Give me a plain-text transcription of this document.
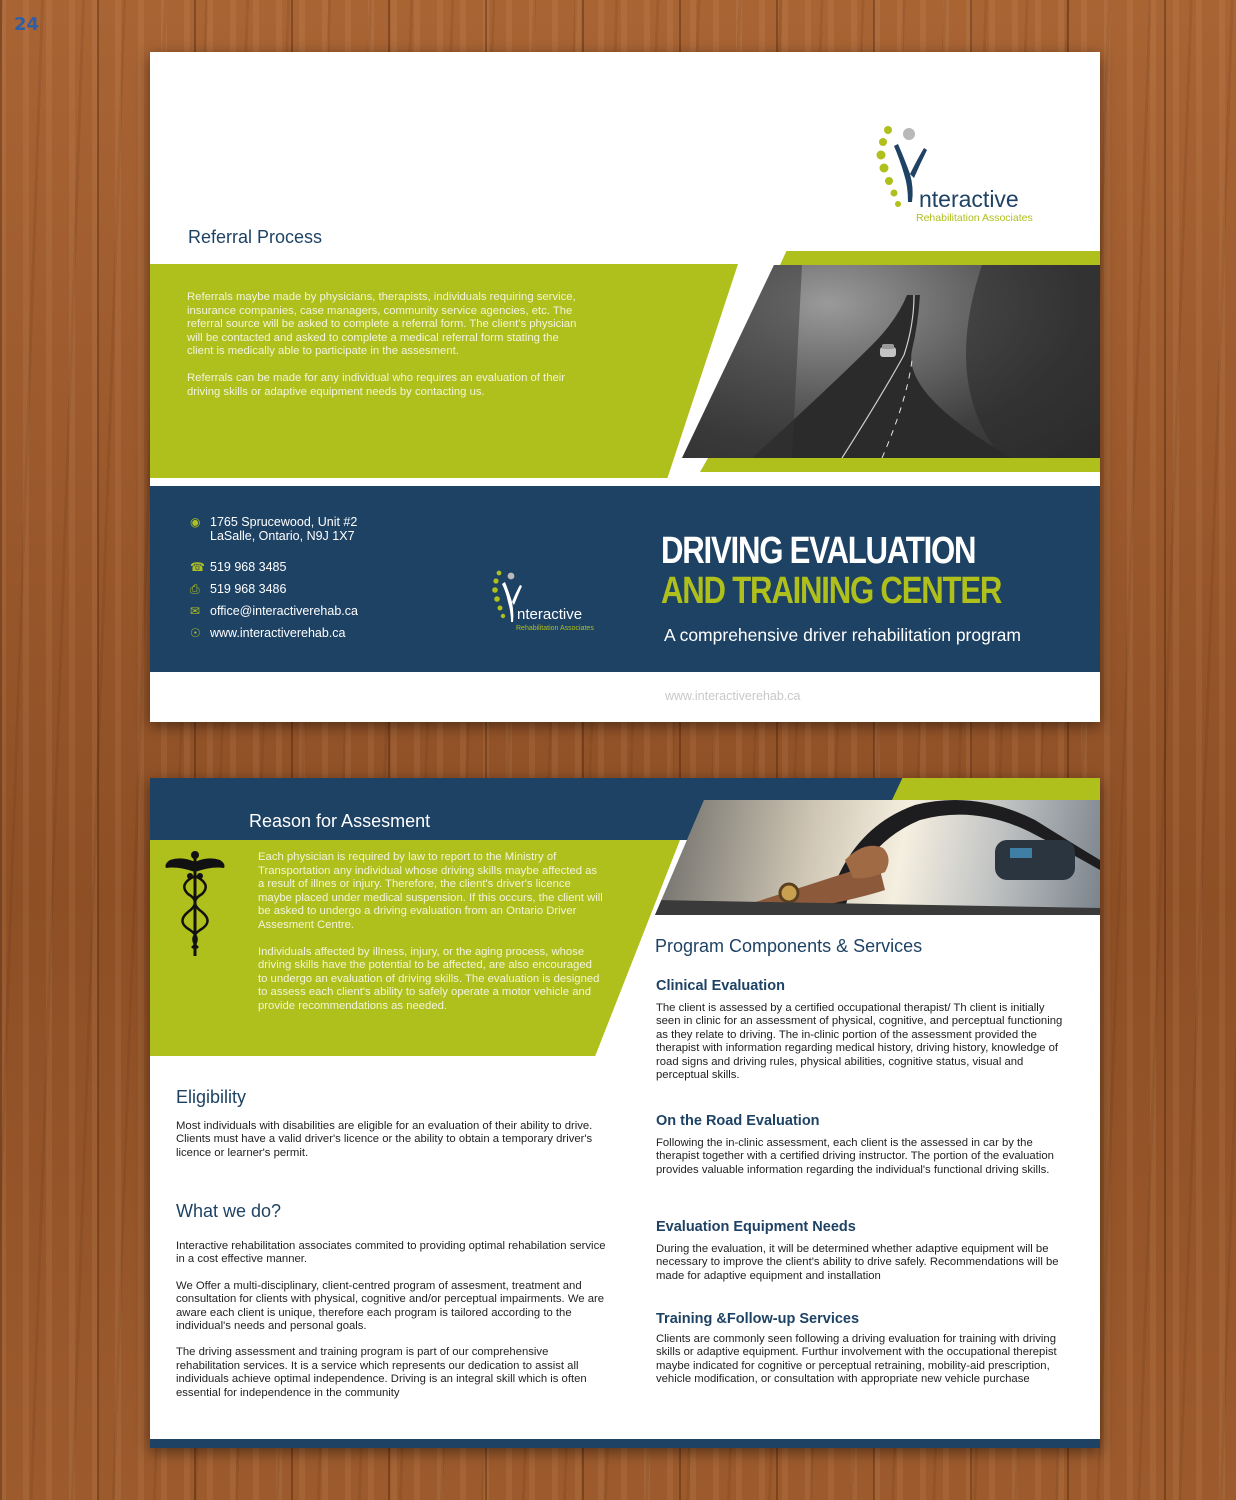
24
nteractive
Rehabilitation Associates
Referral Process

Referrals maybe made by physicians, therapists, individuals requiring service, insurance companies, case managers, community service agencies, etc. The referral source will be asked to complete a referral form. The client's physician will be contacted and asked to complete a medical referral form stating the client is medically able to participate in the assesment.

Referrals can be made for any individual who requires an evaluation of their driving skills or adaptive equipment needs by contacting us.

◉ 1765 Sprucewood, Unit #2
LaSalle, Ontario, N9J 1X7
☎ 519 968 3485
⎙ 519 968 3486
✉ office@interactiverehab.ca
☉ www.interactiverehab.ca
nteractive
Rehabilitation Associates
DRIVING EVALUATION
AND TRAINING CENTER
A comprehensive driver rehabilitation program
www.interactiverehab.ca
Reason for Assesment

Each physician is required by law to report to the Ministry of Transportation any individual whose driving skills maybe affected as a result of illnes or injury. Therefore, the client's driver's licence maybe placed under medical suspension. If this occurs, the client will be asked to undergo a driving evaluation from an Ontario Driver Assesment Centre.

Individuals affected by illness, injury, or the aging process, whose driving skills have the potential to be affected, are also encouraged to undergo an evaluation of driving skills. The evaluation is designed to assess each client's ability to safely operate a motor vehicle and provide recommendations as needed.

Eligibility

Most individuals with disabilities are eligible for an evaluation of their ability to drive. Clients must have a valid driver's licence or the ability to obtain a temporary driver's licence or learner's permit.

What we do?

Interactive rehabilitation associates commited to providing optimal rehabilation service in a cost effective manner.

We Offer a multi-disciplinary, client-centred program of assesment, treatment and consultation for clients with physical, cognitive and/or perceptual impairments. We are aware each client is unique, therefore each program is tailored according to the individual's needs and personal goals.

The driving assessment and training program is part of our comprehensive rehabilitation services. It is a service which represents our dedication to assist all individuals achieve optimal independence. Driving is an integral skill which is often essential for independence in the community

Program Components & Services
Clinical Evaluation

The client is assessed by a certified occupational therapist/ Th client is initially seen in clinic for an assessment of physical, cognitive, and perceptual functioning as they relate to driving. The in-clinic portion of the assessment provided the therapist with information regarding medical history, driving history, knowledge of road signs and driving rules, physical abilities, cognitive status, visual and perceptual skills.

On the Road Evaluation

Following the in-clinic assessment, each client is the assessed in car by the therapist together with a certified driving instructor. The portion of the evaluation provides valuable information regarding the individual's functional driving skills.

Evaluation Equipment Needs

During the evaluation, it will be determined whether adaptive equipment will be necessary to improve the client's ability to drive safely. Recommendations will be made for adaptive equipment and installation

Training &Follow-up Services

Clients are commonly seen following a driving evaluation for training with driving skills or adaptive equipment. Furthur involvement with the occupational therepist maybe indicated for cognitive or perceptual retraining, mobility-aid prescription, vehicle modification, or consultation with appropriate new vehicle purchase
